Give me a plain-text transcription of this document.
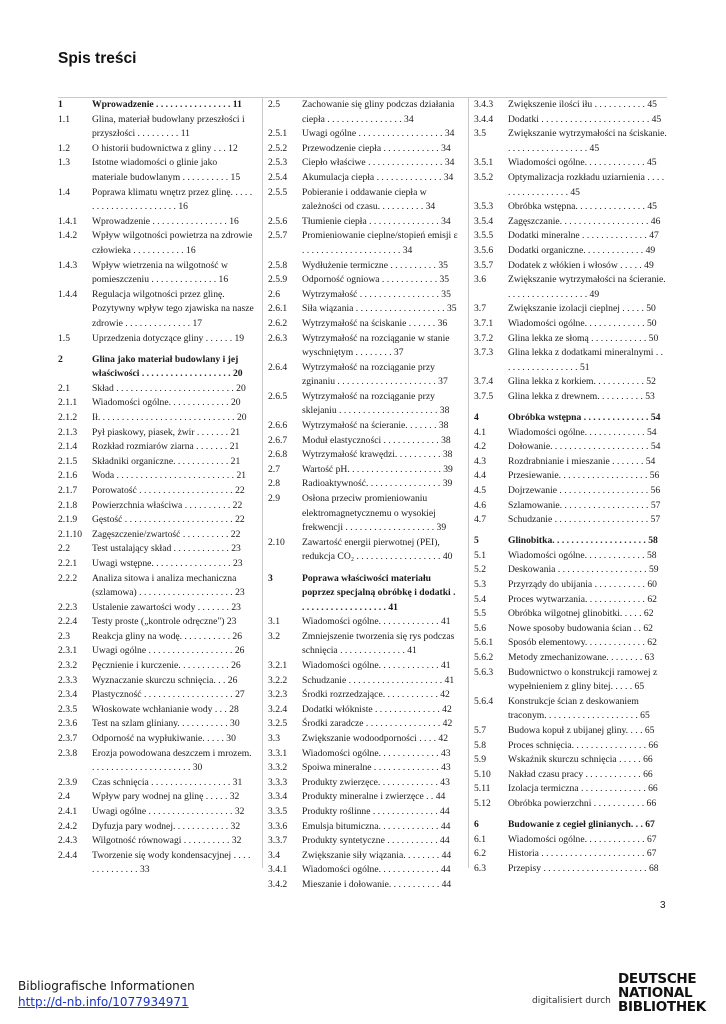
Spis treści
1	Wprowadzenie . . . . . . . . . . . . . . . . 11
1.1	Glina, materiał budowlany przeszłości i przyszłości . . . . . . . . . 11
1.2	O historii budownictwa z gliny . . . 12
1.3	Istotne wiadomości o glinie jako materiale budowlanym . . . . . . . . . . 15
1.4	Poprawa klimatu wnętrz przez glinę. . . . . . . . . . . . . . . . . . . . . . . 16
1.4.1	Wprowadzenie . . . . . . . . . . . . . . . . 16
1.4.2	Wpływ wilgotności powietrza na zdrowie człowieka . . . . . . . . . . . 16
1.4.3	Wpływ wietrzenia na wilgotność w pomieszczeniu . . . . . . . . . . . . . . 16
1.4.4	Regulacja wilgotności przez glinę. Pozytywny wpływ tego zjawiska na nasze zdrowie . . . . . . . . . . . . . . 17
1.5	Uprzedzenia dotyczące gliny . . . . . . 19
2	Glina jako materiał budowlany i jej właściwości . . . . . . . . . . . . . . . . . . . 20
2.1	Skład . . . . . . . . . . . . . . . . . . . . . . . . . 20
2.1.1	Wiadomości ogólne. . . . . . . . . . . . . 20
2.1.2	Ił. . . . . . . . . . . . . . . . . . . . . . . . . . . . . 20
2.1.3	Pył piaskowy, piasek, żwir . . . . . . . 21
2.1.4	Rozkład rozmiarów ziarna . . . . . . . 21
2.1.5	Składniki organiczne. . . . . . . . . . . . 21
2.1.6	Woda . . . . . . . . . . . . . . . . . . . . . . . . . 21
2.1.7	Porowatość . . . . . . . . . . . . . . . . . . . . 22
2.1.8	Powierzchnia właściwa . . . . . . . . . . 22
2.1.9	Gęstość . . . . . . . . . . . . . . . . . . . . . . . 22
2.1.10	Zagęszczenie/zwartość . . . . . . . . . . 22
2.2	Test ustalający skład . . . . . . . . . . . . 23
2.2.1	Uwagi wstępne. . . . . . . . . . . . . . . . . 23
2.2.2	Analiza sitowa i analiza mechaniczna (szlamowa) . . . . . . . . . . . . . . . . . . . . 23
2.2.3	Ustalenie zawartości wody . . . . . . . 23
2.2.4	Testy proste („kontrole odręczne") 23
2.3	Reakcja gliny na wodę. . . . . . . . . . . 26
2.3.1	Uwagi ogólne . . . . . . . . . . . . . . . . . . 26
2.3.2	Pęcznienie i kurczenie. . . . . . . . . . . 26
2.3.3	Wyznaczanie skurczu schnięcia. . . 26
2.3.4	Plastyczność . . . . . . . . . . . . . . . . . . . 27
2.3.5	Włoskowate wchłanianie wody . . . 28
2.3.6	Test na szlam gliniany. . . . . . . . . . . 30
2.3.7	Odporność na wypłukiwanie. . . . . 30
2.3.8	Erozja powodowana deszczem i mrozem. . . . . . . . . . . . . . . . . . . . . . 30
2.3.9	Czas schnięcia . . . . . . . . . . . . . . . . . 31
2.4	Wpływ pary wodnej na glinę . . . . . 32
2.4.1	Uwagi ogólne . . . . . . . . . . . . . . . . . . 32
2.4.2	Dyfuzja pary wodnej. . . . . . . . . . . . 32
2.4.3	Wilgotność równowagi . . . . . . . . . . 32
2.4.4	Tworzenie się wody kondensacyjnej . . . . . . . . . . . . . . 33
2.5	Zachowanie się gliny podczas działania ciepła . . . . . . . . . . . . . . . . 34
2.5.1	Uwagi ogólne . . . . . . . . . . . . . . . . . . 34
2.5.2	Przewodzenie ciepła . . . . . . . . . . . . 34
2.5.3	Ciepło właściwe . . . . . . . . . . . . . . . . 34
2.5.4	Akumulacja ciepła . . . . . . . . . . . . . . 34
2.5.5	Pobieranie i oddawanie ciepła w zależności od czasu. . . . . . . . . . 34
2.5.6	Tłumienie ciepła . . . . . . . . . . . . . . . 34
2.5.7	Promieniowanie cieplne/stopień emisji ε . . . . . . . . . . . . . . . . . . . . . 34
2.5.8	Wydłużenie termiczne . . . . . . . . . . 35
2.5.9	Odporność ogniowa . . . . . . . . . . . . 35
2.6	Wytrzymałość . . . . . . . . . . . . . . . . . 35
2.6.1	Siła wiązania . . . . . . . . . . . . . . . . . . . 35
2.6.2	Wytrzymałość na ściskanie . . . . . . 36
2.6.3	Wytrzymałość na rozciąganie w stanie wyschniętym . . . . . . . . 37
2.6.4	Wytrzymałość na rozciąganie przy zginaniu . . . . . . . . . . . . . . . . . . . . . 37
2.6.5	Wytrzymałość na rozciąganie przy sklejaniu . . . . . . . . . . . . . . . . . . . . . 38
2.6.6	Wytrzymałość na ścieranie. . . . . . . 38
2.6.7	Moduł elastyczności . . . . . . . . . . . . 38
2.6.8	Wytrzymałość krawędzi. . . . . . . . . . 38
2.7	Wartość pH. . . . . . . . . . . . . . . . . . . . 39
2.8	Radioaktywność. . . . . . . . . . . . . . . . 39
2.9	Osłona przeciw promieniowaniu elektromagnetycznemu o wysokiej frekwencji . . . . . . . . . . . . . . . . . . . 39
2.10	Zawartość energii pierwotnej (PEI), redukcja CO₂ . . . . . . . . . . . . . . . . . . 40
3	Poprawa właściwości materiału poprzez specjalną obróbkę i dodatki . . . . . . . . . . . . . . . . . . . 41
3.1	Wiadomości ogólne. . . . . . . . . . . . . 41
3.2	Zmniejszenie tworzenia się rys podczas schnięcia . . . . . . . . . . . . . . 41
3.2.1	Wiadomości ogólne. . . . . . . . . . . . . 41
3.2.2	Schudzanie . . . . . . . . . . . . . . . . . . . . 41
3.2.3	Środki rozrzedzające. . . . . . . . . . . . 42
3.2.4	Dodatki włókniste . . . . . . . . . . . . . . 42
3.2.5	Środki zaradcze . . . . . . . . . . . . . . . . 42
3.3	Zwiększanie wodoodporności . . . . 42
3.3.1	Wiadomości ogólne. . . . . . . . . . . . . 43
3.3.2	Spoiwa mineralne . . . . . . . . . . . . . . 43
3.3.3	Produkty zwierzęce. . . . . . . . . . . . . 43
3.3.4	Produkty mineralne i zwierzęce . . 44
3.3.5	Produkty roślinne . . . . . . . . . . . . . . 44
3.3.6	Emulsja bitumiczna. . . . . . . . . . . . . 44
3.3.7	Produkty syntetyczne . . . . . . . . . . . 44
3.4	Zwiększanie siły wiązania. . . . . . . . 44
3.4.1	Wiadomości ogólne. . . . . . . . . . . . . 44
3.4.2	Mieszanie i dołowanie. . . . . . . . . . . 44
3.4.3	Zwiększenie ilości iłu . . . . . . . . . . . 45
3.4.4	Dodatki . . . . . . . . . . . . . . . . . . . . . . . 45
3.5	Zwiększanie wytrzymałości na ściskanie. . . . . . . . . . . . . . . . . . 45
3.5.1	Wiadomości ogólne. . . . . . . . . . . . . 45
3.5.2	Optymalizacja rozkładu uziarnienia . . . . . . . . . . . . . . . . . 45
3.5.3	Obróbka wstępna. . . . . . . . . . . . . . . 45
3.5.4	Zagęszczanie. . . . . . . . . . . . . . . . . . . 46
3.5.5	Dodatki mineralne . . . . . . . . . . . . . . 47
3.5.6	Dodatki organiczne. . . . . . . . . . . . . 49
3.5.7	Dodatek z włókien i włosów . . . . . 49
3.6	Zwiększanie wytrzymałości na ścieranie. . . . . . . . . . . . . . . . . . 49
3.7	Zwiększanie izolacji cieplnej . . . . . 50
3.7.1	Wiadomości ogólne. . . . . . . . . . . . . 50
3.7.2	Glina lekka ze słomą . . . . . . . . . . . . 50
3.7.3	Glina lekka z dodatkami mineralnymi . . . . . . . . . . . . . . . . . 51
3.7.4	Glina lekka z korkiem. . . . . . . . . . . 52
3.7.5	Glina lekka z drewnem. . . . . . . . . . 53
4	Obróbka wstępna . . . . . . . . . . . . . . 54
4.1	Wiadomości ogólne. . . . . . . . . . . . . 54
4.2	Dołowanie. . . . . . . . . . . . . . . . . . . . . 54
4.3	Rozdrabnianie i mieszanie . . . . . . . 54
4.4	Przesiewanie. . . . . . . . . . . . . . . . . . . 56
4.5	Dojrzewanie . . . . . . . . . . . . . . . . . . . 56
4.6	Szlamowanie. . . . . . . . . . . . . . . . . . . 57
4.7	Schudzanie . . . . . . . . . . . . . . . . . . . . 57
5	Glinobitka. . . . . . . . . . . . . . . . . . . . 58
5.1	Wiadomości ogólne. . . . . . . . . . . . . 58
5.2	Deskowania . . . . . . . . . . . . . . . . . . . 59
5.3	Przyrządy do ubijania . . . . . . . . . . . 60
5.4	Proces wytwarzania. . . . . . . . . . . . . 62
5.5	Obróbka wilgotnej glinobitki. . . . . 62
5.6	Nowe sposoby budowania ścian . . 62
5.6.1	Sposób elementowy. . . . . . . . . . . . . 62
5.6.2	Metody zmechanizowane. . . . . . . . 63
5.6.3	Budownictwo o konstrukcji ramowej z wypełnieniem z gliny bitej. . . . . 65
5.6.4	Konstrukcje ścian z deskowaniem traconym. . . . . . . . . . . . . . . . . . . . 65
5.7	Budowa kopuł z ubijanej gliny. . . . 65
5.8	Proces schnięcia. . . . . . . . . . . . . . . . 66
5.9	Wskaźnik skurczu schnięcia . . . . . 66
5.10	Nakład czasu pracy . . . . . . . . . . . . 66
5.11	Izolacja termiczna . . . . . . . . . . . . . . 66
5.12	Obróbka powierzchni . . . . . . . . . . . 66
6	Budowanie z cegieł glinianych. . . 67
6.1	Wiadomości ogólne. . . . . . . . . . . . . 67
6.2	Historia . . . . . . . . . . . . . . . . . . . . . . 67
6.3	Przepisy . . . . . . . . . . . . . . . . . . . . . . 68
3
Bibliografische Informationen
http://d-nb.info/1077934971	digitalisiert durch
DEUTSCHE
NATIONAL
BIBLIOTHEK
